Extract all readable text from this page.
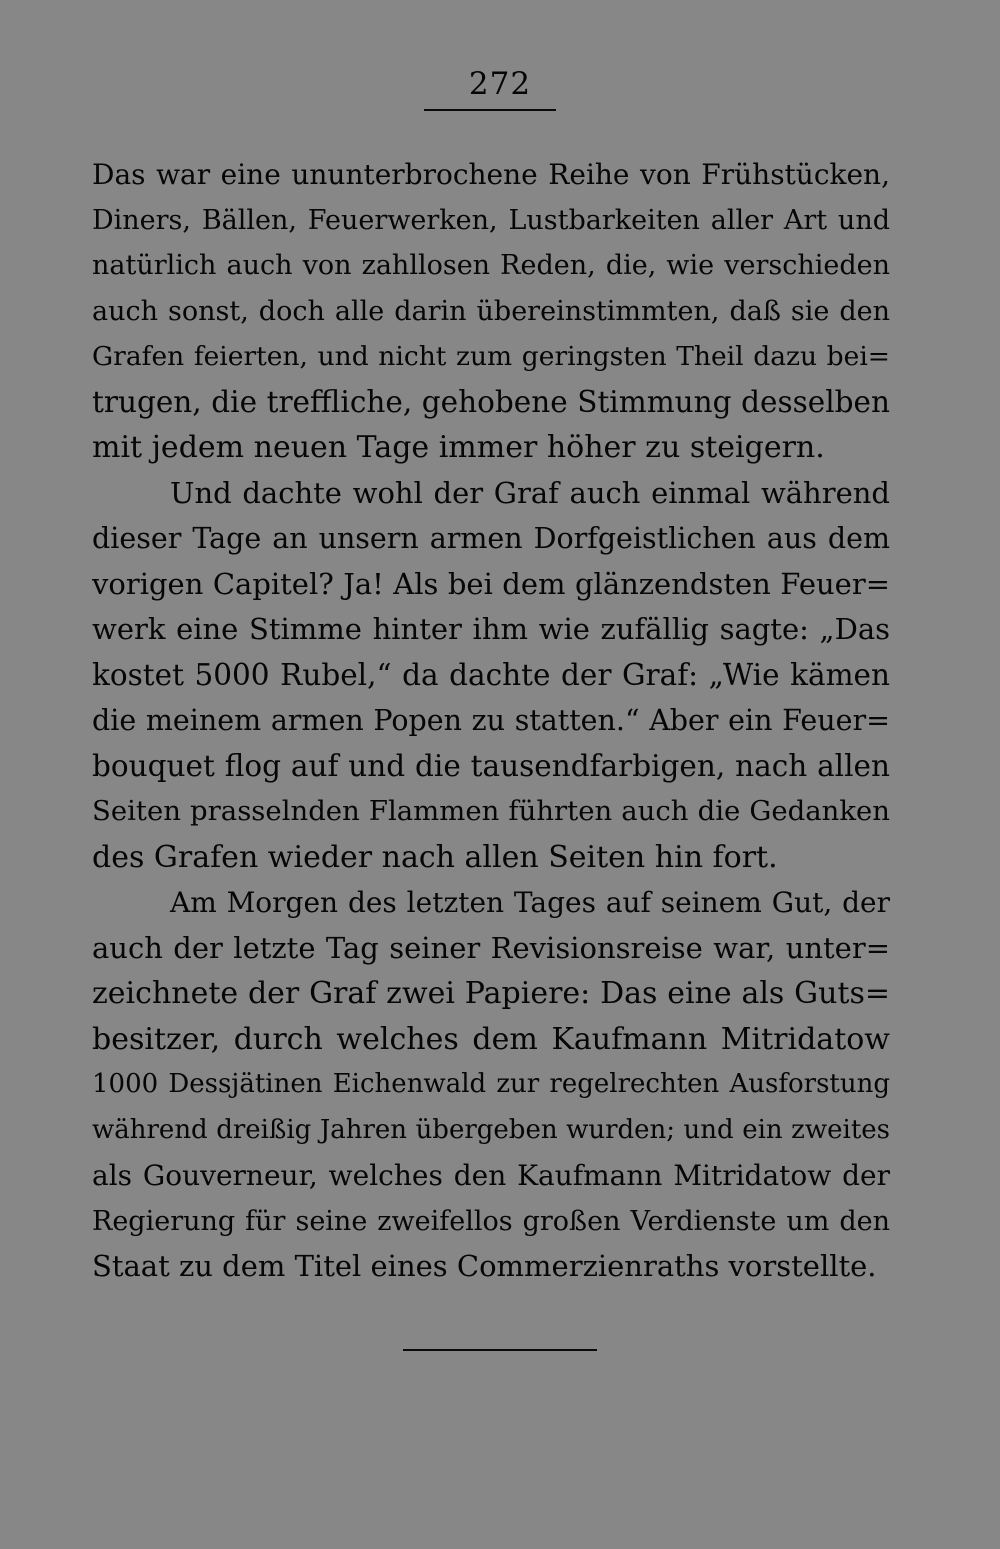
272
Das war eine ununterbrochene Reihe von Frühstücken,
Diners, Bällen, Feuerwerken, Lustbarkeiten aller Art und
natürlich auch von zahllosen Reden, die, wie verschieden
auch sonst, doch alle darin übereinstimmten, daß sie den
Grafen feierten, und nicht zum geringsten Theil dazu bei=
trugen, die treffliche, gehobene Stimmung desselben
mit jedem neuen Tage immer höher zu steigern.
Und dachte wohl der Graf auch einmal während
dieser Tage an unsern armen Dorfgeistlichen aus dem
vorigen Capitel? Ja! Als bei dem glänzendsten Feuer=
werk eine Stimme hinter ihm wie zufällig sagte: „Das
kostet 5000 Rubel,“ da dachte der Graf: „Wie kämen
die meinem armen Popen zu statten.“ Aber ein Feuer=
bouquet flog auf und die tausendfarbigen, nach allen
Seiten prasselnden Flammen führten auch die Gedanken
des Grafen wieder nach allen Seiten hin fort.
Am Morgen des letzten Tages auf seinem Gut, der
auch der letzte Tag seiner Revisionsreise war, unter=
zeichnete der Graf zwei Papiere: Das eine als Guts=
besitzer, durch welches dem Kaufmann Mitridatow
1000 Dessjätinen Eichenwald zur regelrechten Ausforstung
während dreißig Jahren übergeben wurden; und ein zweites
als Gouverneur, welches den Kaufmann Mitridatow der
Regierung für seine zweifellos großen Verdienste um den
Staat zu dem Titel eines Commerzienraths vorstellte.
